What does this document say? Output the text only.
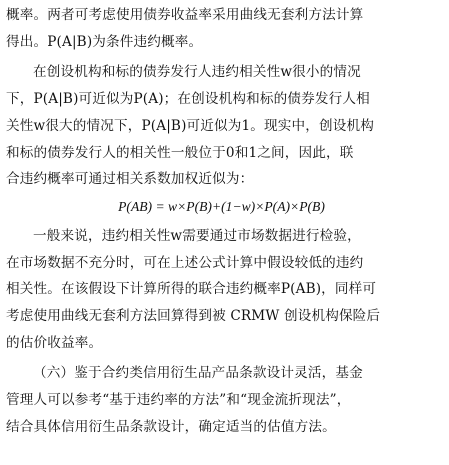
概率。两者可考虑使用债券收益率采用曲线无套利方法计算
得出。P(A|B)为条件违约概率。

在创设机构和标的债券发行人违约相关性w很小的情况
下，P(A|B)可近似为P(A)；在创设机构和标的债券发行人相
关性w很大的情况下，P(A|B)可近似为1。现实中，创设机构
和标的债券发行人的相关性一般位于0和1之间，因此，联
合违约概率可通过相关系数加权近似为：

P(AB) = w×P(B)+(1−w)×P(A)×P(B)

一般来说，违约相关性w需要通过市场数据进行检验，
在市场数据不充分时，可在上述公式计算中假设较低的违约
相关性。在该假设下计算所得的联合违约概率P(AB)，同样可
考虑使用曲线无套利方法回算得到被 CRMW 创设机构保险后
的估价收益率。

（六）鉴于合约类信用衍生品产品条款设计灵活，基金
管理人可以参考“基于违约率的方法”和“现金流折现法”，
结合具体信用衍生品条款设计，确定适当的估值方法。
